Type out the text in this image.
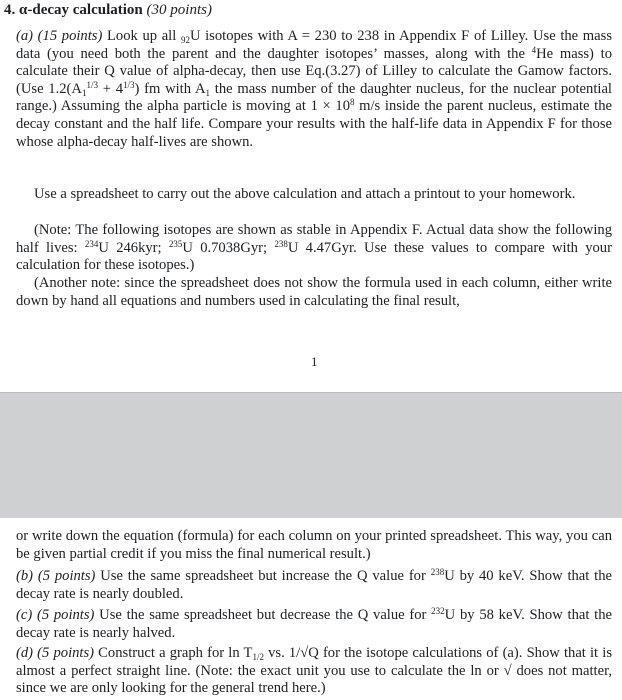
4. α-decay calculation (30 points)

(a) (15 points) Look up all $_{92}$U isotopes with A = 230 to 238 in Appendix F of Lilley. Use the mass data (you need both the parent and the daughter isotopes’ masses, along with the $^4$He mass) to calculate their Q value of alpha-decay, then use Eq.(3.27) of Lilley to calculate the Gamow factors. (Use $1.2(A_1^{1/3} + 4^{1/3})$ fm with $A_1$ the mass number of the daughter nucleus, for the nuclear potential range.) Assuming the alpha particle is moving at $1 \times 10^8$ m/s inside the parent nucleus, estimate the decay constant and the half life. Compare your results with the half-life data in Appendix F for those whose alpha-decay half-lives are shown.

Use a spreadsheet to carry out the above calculation and attach a printout to your homework.

(Note: The following isotopes are shown as stable in Appendix F. Actual data show the following half lives: $^{234}$U 246kyr; $^{235}$U 0.7038Gyr; $^{238}$U 4.47Gyr. Use these values to compare with your calculation for these isotopes.)

(Another note: since the spreadsheet does not show the formula used in each column, either write down by hand all equations and numbers used in calculating the final result,

1

or write down the equation (formula) for each column on your printed spreadsheet. This way, you can be given partial credit if you miss the final numerical result.)

(b) (5 points) Use the same spreadsheet but increase the Q value for $^{238}$U by 40 keV. Show that the decay rate is nearly doubled.

(c) (5 points) Use the same spreadsheet but decrease the Q value for $^{232}$U by 58 keV. Show that the decay rate is nearly halved.

(d) (5 points) Construct a graph for $\ln T_{1/2}$ vs. 1/√Q for the isotope calculations of (a). Show that it is almost a perfect straight line. (Note: the exact unit you use to calculate the ln or √ does not matter, since we are only looking for the general trend here.)
